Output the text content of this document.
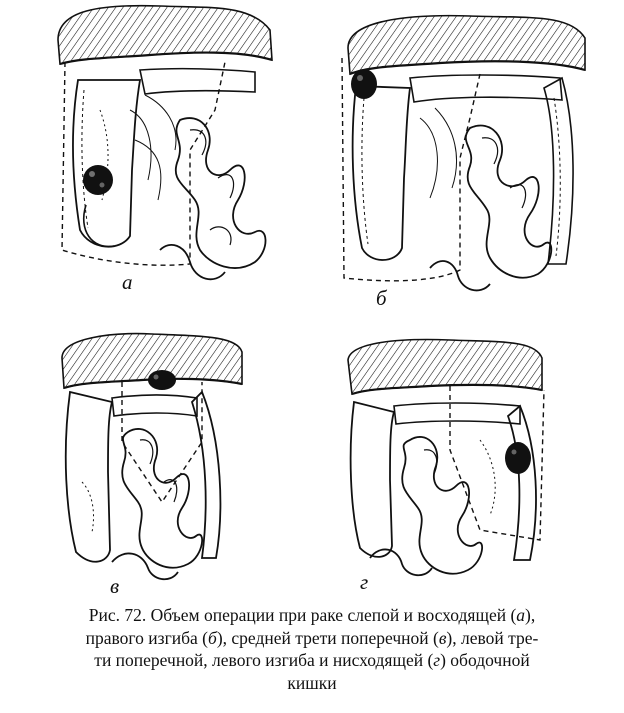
а
б
в	г
Рис. 72. Объем операции при раке слепой и восходящей (а),
правого изгиба (б), средней трети поперечной (в), левой тре-
ти поперечной, левого изгиба и нисходящей (г) ободочной
кишки
